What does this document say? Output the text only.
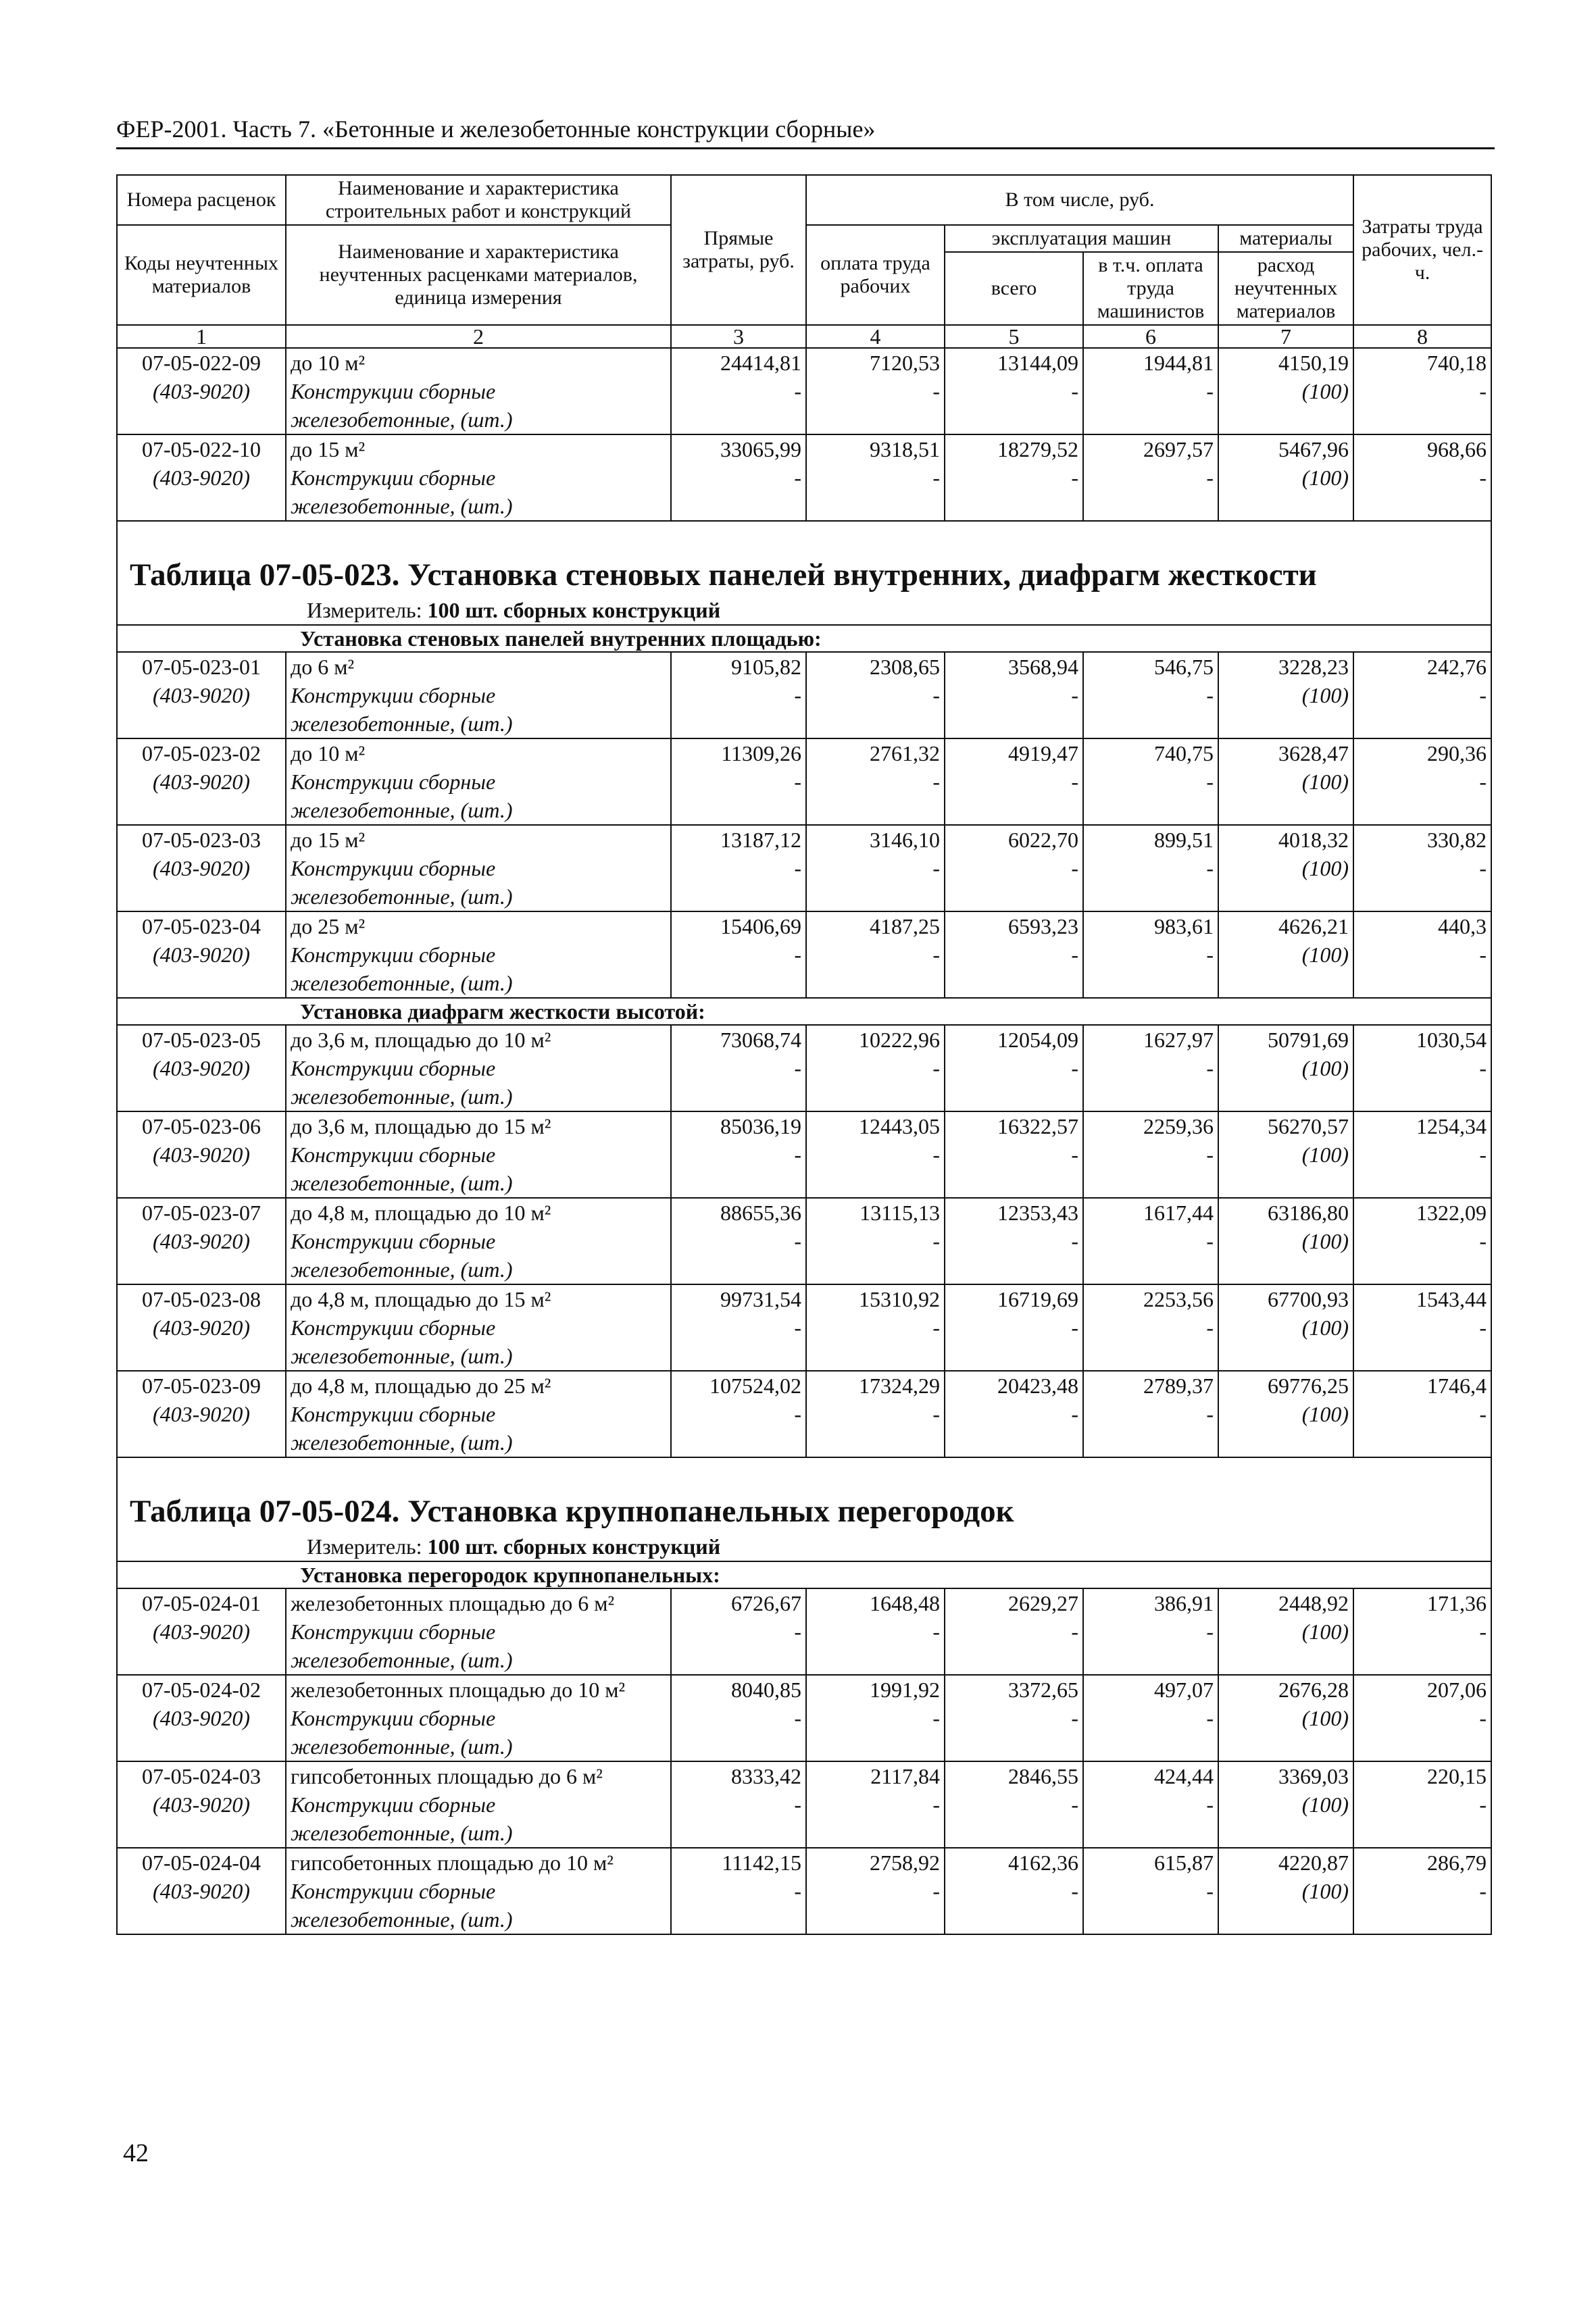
ФЕР-2001. Часть 7. «Бетонные и железобетонные конструкции сборные»
Номера расценок	Наименование и характеристика строительных работ и конструкций	Прямые затраты, руб.	В том числе, руб.				Затраты труда рабочих, чел.-ч.
Коды неучтенных материалов	Наименование и характеристика неучтенных расценками материалов, единица измерения		оплата труда рабочих	эксплуатация машин		материалы	
				всего	в т.ч. оплата труда машинистов	расход неучтенных материалов	
1	2	3	4	5	6	7	8
07-05-022-09	до 10 м²	24414,81	7120,53	13144,09	1944,81	4150,19	740,18
(403-9020)	Конструкции сборные	-	-	-	-	(100)	-
	железобетонные, (шт.)						
07-05-022-10	до 15 м²	33065,99	9318,51	18279,52	2697,57	5467,96	968,66
(403-9020)	Конструкции сборные	-	-	-	-	(100)	-
	железобетонные, (шт.)						

Таблица 07-05-023. Установка стеновых панелей внутренних, диафрагм жесткости							

Измеритель: 100 шт. сборных конструкций							
Установка стеновых панелей внутренних площадью:							
07-05-023-01	до 6 м²	9105,82	2308,65	3568,94	546,75	3228,23	242,76
(403-9020)	Конструкции сборные	-	-	-	-	(100)	-
	железобетонные, (шт.)						
07-05-023-02	до 10 м²	11309,26	2761,32	4919,47	740,75	3628,47	290,36
(403-9020)	Конструкции сборные	-	-	-	-	(100)	-
	железобетонные, (шт.)						
07-05-023-03	до 15 м²	13187,12	3146,10	6022,70	899,51	4018,32	330,82
(403-9020)	Конструкции сборные	-	-	-	-	(100)	-
	железобетонные, (шт.)						
07-05-023-04	до 25 м²	15406,69	4187,25	6593,23	983,61	4626,21	440,3
(403-9020)	Конструкции сборные	-	-	-	-	(100)	-
	железобетонные, (шт.)						
Установка диафрагм жесткости высотой:							
07-05-023-05	до 3,6 м, площадью до 10 м²	73068,74	10222,96	12054,09	1627,97	50791,69	1030,54
(403-9020)	Конструкции сборные	-	-	-	-	(100)	-
	железобетонные, (шт.)						
07-05-023-06	до 3,6 м, площадью до 15 м²	85036,19	12443,05	16322,57	2259,36	56270,57	1254,34
(403-9020)	Конструкции сборные	-	-	-	-	(100)	-
	железобетонные, (шт.)						
07-05-023-07	до 4,8 м, площадью до 10 м²	88655,36	13115,13	12353,43	1617,44	63186,80	1322,09
(403-9020)	Конструкции сборные	-	-	-	-	(100)	-
	железобетонные, (шт.)						
07-05-023-08	до 4,8 м, площадью до 15 м²	99731,54	15310,92	16719,69	2253,56	67700,93	1543,44
(403-9020)	Конструкции сборные	-	-	-	-	(100)	-
	железобетонные, (шт.)						
07-05-023-09	до 4,8 м, площадью до 25 м²	107524,02	17324,29	20423,48	2789,37	69776,25	1746,4
(403-9020)	Конструкции сборные	-	-	-	-	(100)	-
	железобетонные, (шт.)						

Таблица 07-05-024. Установка крупнопанельных перегородок							

Измеритель: 100 шт. сборных конструкций							
Установка перегородок крупнопанельных:							
07-05-024-01	железобетонных площадью до 6 м²	6726,67	1648,48	2629,27	386,91	2448,92	171,36
(403-9020)	Конструкции сборные	-	-	-	-	(100)	-
	железобетонные, (шт.)						
07-05-024-02	железобетонных площадью до 10 м²	8040,85	1991,92	3372,65	497,07	2676,28	207,06
(403-9020)	Конструкции сборные	-	-	-	-	(100)	-
	железобетонные, (шт.)						
07-05-024-03	гипсобетонных площадью до 6 м²	8333,42	2117,84	2846,55	424,44	3369,03	220,15
(403-9020)	Конструкции сборные	-	-	-	-	(100)	-
	железобетонные, (шт.)						
07-05-024-04	гипсобетонных площадью до 10 м²	11142,15	2758,92	4162,36	615,87	4220,87	286,79
(403-9020)	Конструкции сборные	-	-	-	-	(100)	-
	железобетонные, (шт.)						
42
